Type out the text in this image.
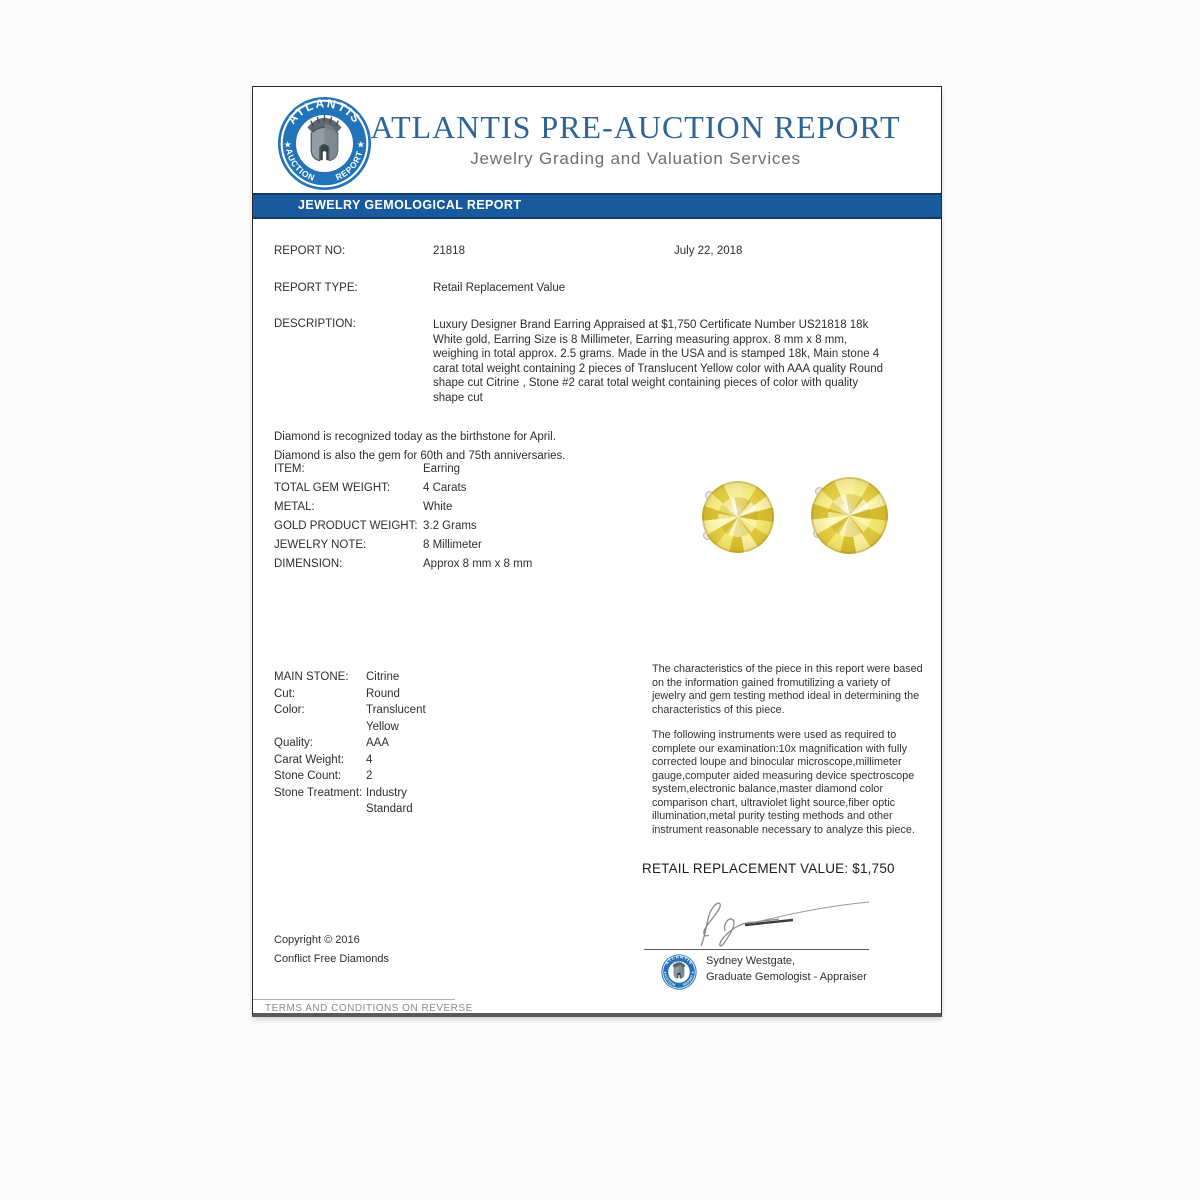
ATLANTIS PRE-AUCTION REPORT
Jewelry Grading and Valuation Services
JEWELRY GEMOLOGICAL REPORT
REPORT NO:	21818	July 22, 2018
REPORT TYPE:	Retail Replacement Value
DESCRIPTION:	Luxury Designer Brand Earring Appraised at $1,750 Certificate Number US21818 18k White gold, Earring Size is 8 Millimeter, Earring measuring approx. 8 mm x 8 mm, weighing in total approx. 2.5 grams. Made in the USA and is stamped 18k, Main stone 4 carat total weight containing 2 pieces of Translucent Yellow color with AAA quality Round shape cut Citrine , Stone #2 carat total weight containing pieces of color with quality shape cut
Diamond is recognized today as the birthstone for April.
Diamond is also the gem for 60th and 75th anniversaries.
ITEM:	Earring
TOTAL GEM WEIGHT:	4 Carats
METAL:	White
GOLD PRODUCT WEIGHT: 3.2 Grams
JEWELRY NOTE:	8 Millimeter
DIMENSION:	Approx 8 mm x 8 mm
MAIN STONE:	Citrine
Cut:	Round
Color:	Translucent Yellow
Quality:	AAA
Carat Weight:	4
Stone Count:	2
Stone Treatment: Industry Standard

The characteristics of the piece in this report were based on the information gained fromutilizing a variety of jewelry and gem testing method ideal in determining the characteristics of this piece.

The following instruments were used as required to complete our examination:10x magnification with fully corrected loupe and binocular microscope,millimeter gauge,computer aided measuring device spectroscope system,electronic balance,master diamond color comparison chart, ultraviolet light source,fiber optic illumination,metal purity testing methods and other instrument reasonable necessary to analyze this piece.

RETAIL REPLACEMENT VALUE: $1,750
Sydney Westgate,
Graduate Gemologist - Appraiser
Copyright © 2016
Conflict Free Diamonds
TERMS AND CONDITIONS ON REVERSE
